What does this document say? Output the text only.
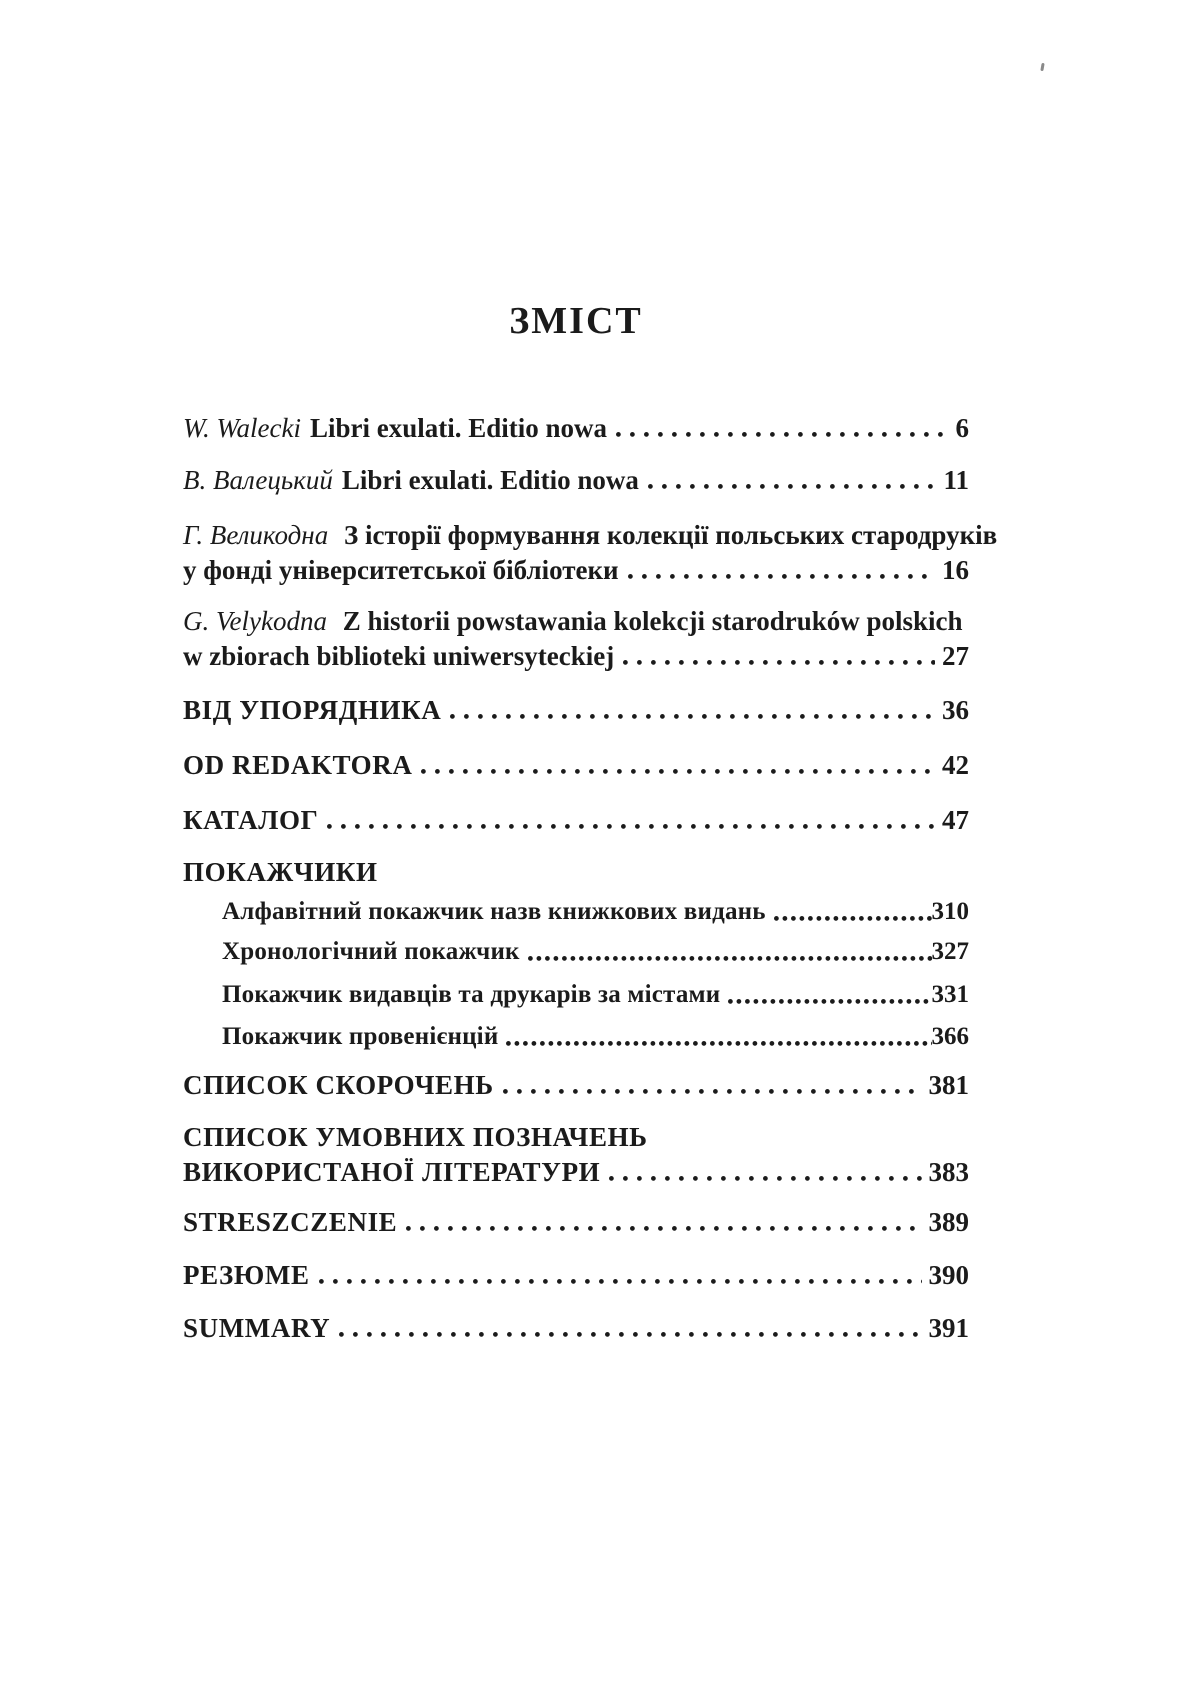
ЗМІСТ
W. Walecki Libri exulati. Editio nowa	6
В. Валецький Libri exulati. Editio nowa	11
Г. Великодна З історії формування колекції польських стародруків
у фонді університетської бібліотеки	16
G. Velykodna Z historii powstawania kolekcji starodruków polskich
w zbiorach biblioteki uniwersyteckiej	27
ВІД УПОРЯДНИКА	36
OD REDAKTORA	42
КАТАЛОГ	47
ПОКАЖЧИКИ
Алфавітний покажчик назв книжкових видань	310
Хронологічний покажчик	327
Покажчик видавців та друкарів за містами	331
Покажчик провенієнцій	366
СПИСОК СКОРОЧЕНЬ	381
СПИСОК УМОВНИХ ПОЗНАЧЕНЬ
ВИКОРИСТАНОЇ ЛІТЕРАТУРИ	383
STRESZCZENIE	389
РЕЗЮМЕ	390
SUMMARY	391
